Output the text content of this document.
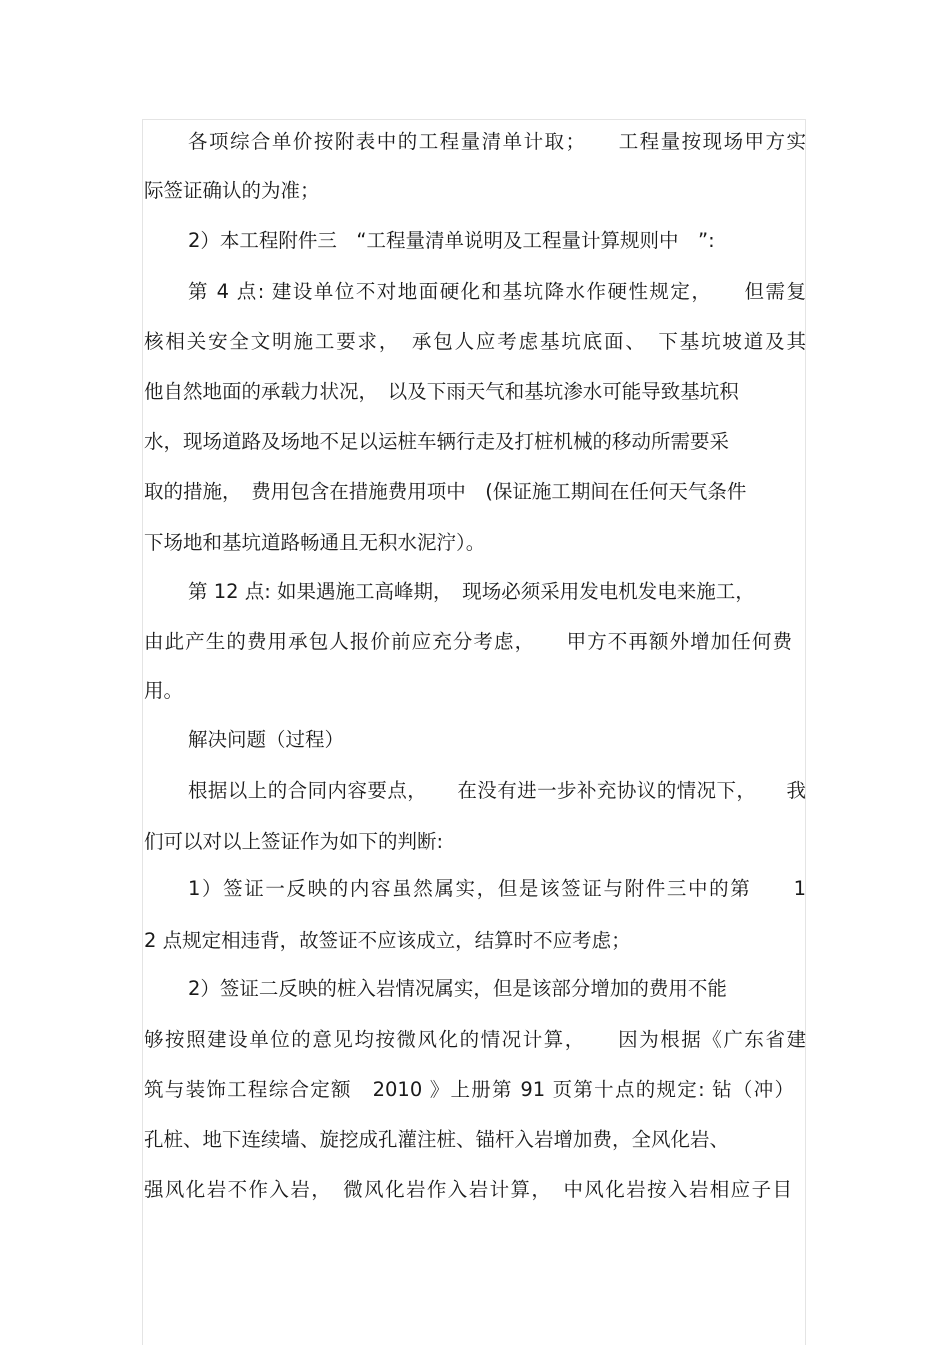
各项综合单价按附表中的工程量清单计取；　　工程量按现场甲方实
际签证确认的为准；
2）本工程附件三　“工程量清单说明及工程量计算规则中　”:
第 4 点: 建设单位不对地面硬化和基坑降水作硬性规定，　　但需复
核相关安全文明施工要求，　承包人应考虑基坑底面、　下基坑坡道及其
他自然地面的承载力状况，　以及下雨天气和基坑渗水可能导致基坑积
水，现场道路及场地不足以运桩车辆行走及打桩机械的移动所需要采
取的措施，　费用包含在措施费用项中　(保证施工期间在任何天气条件
下场地和基坑道路畅通且无积水泥泞）。
第 12 点: 如果遇施工高峰期，　现场必须采用发电机发电来施工，
由此产生的费用承包人报价前应充分考虑，　　甲方不再额外增加任何费
用。
解决问题（过程）
根据以上的合同内容要点，　　在没有进一步补充协议的情况下，　　我
们可以对以上签证作为如下的判断:
1）签证一反映的内容虽然属实，但是该签证与附件三中的第　　1
2 点规定相违背，故签证不应该成立，结算时不应考虑；
2）签证二反映的桩入岩情况属实，但是该部分增加的费用不能
够按照建设单位的意见均按微风化的情况计算，　　因为根据《广东省建
筑与装饰工程综合定额　2010 》上册第 91 页第十点的规定: 钻（冲）
孔桩、地下连续墙、旋挖成孔灌注桩、锚杆入岩增加费，全风化岩、
强风化岩不作入岩，　微风化岩作入岩计算，　中风化岩按入岩相应子目
